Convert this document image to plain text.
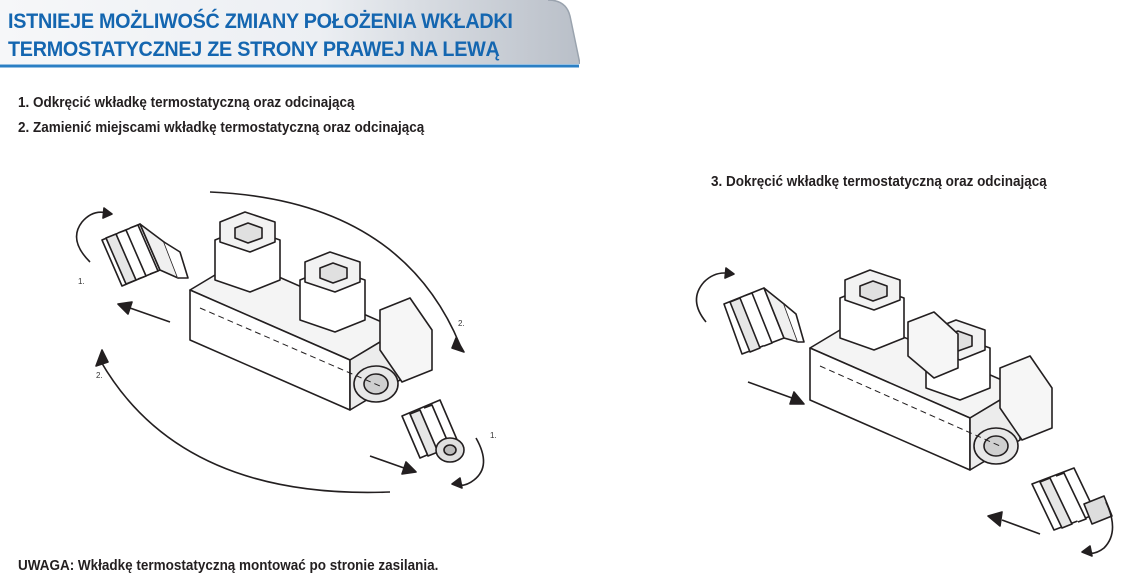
ISTNIEJE MOŻLIWOŚĆ ZMIANY POŁOŻENIA WKŁADKI
TERMOSTATYCZNEJ ZE STRONY PRAWEJ NA LEWĄ

1. Odkręcić wkładkę termostatyczną oraz odcinającą

2. Zamienić miejscami wkładkę termostatyczną oraz odcinającą

3. Dokręcić wkładkę termostatyczną oraz odcinającą

1.
1.
2.
2.

UWAGA: Wkładkę termostatyczną montować po stronie zasilania.
